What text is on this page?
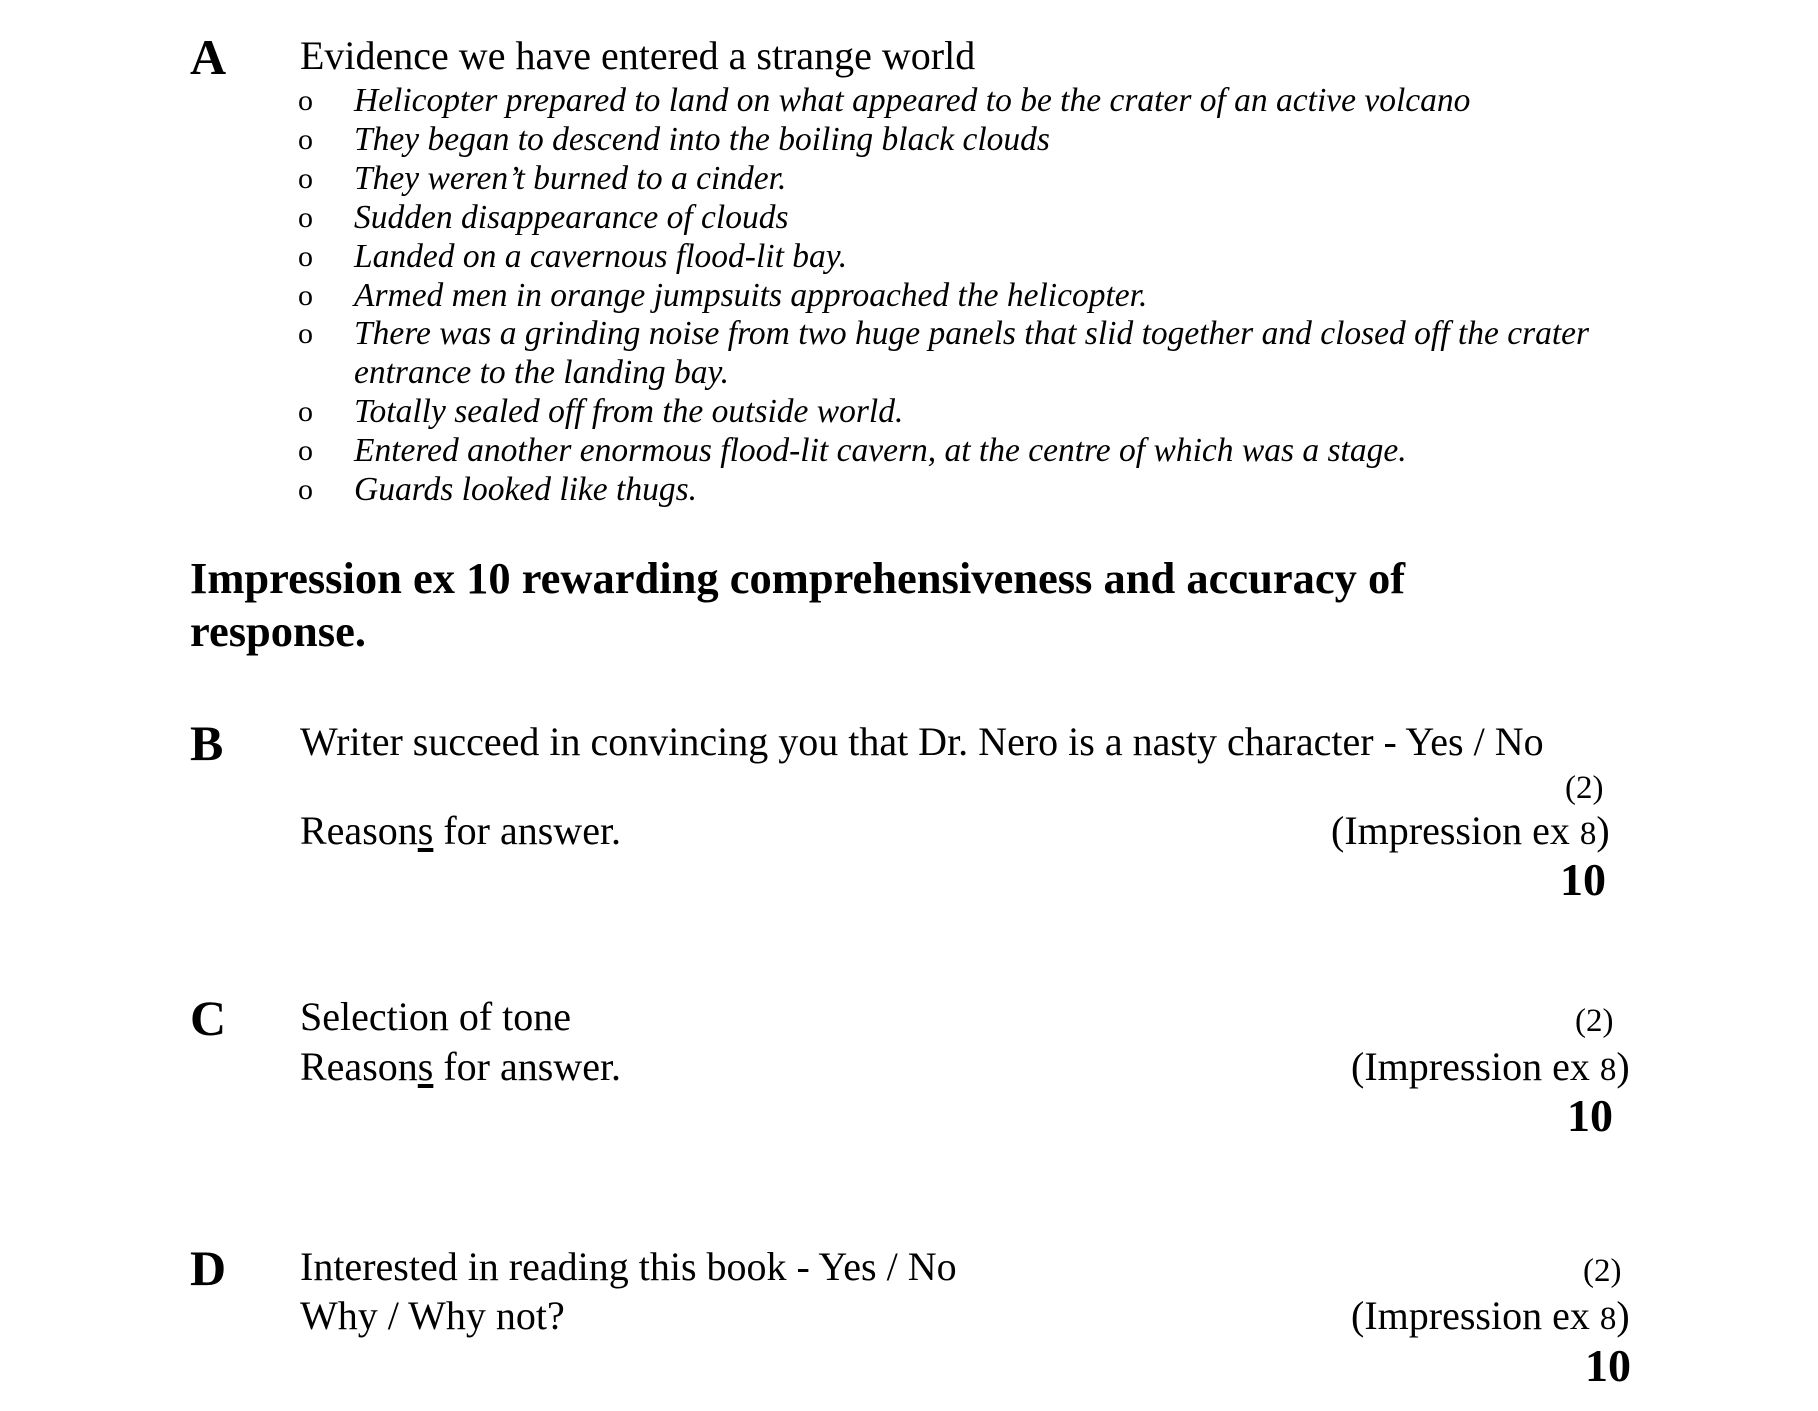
A Evidence we have entered a strange world
o	Helicopter prepared to land on what appeared to be the crater of an active volcano
o	They began to descend into the boiling black clouds
o	They weren’t burned to a cinder.
o	Sudden disappearance of clouds
o	Landed on a cavernous flood-lit bay.
o	Armed men in orange jumpsuits approached the helicopter.
o	There was a grinding noise from two huge panels that slid together and closed off the crater entrance to the landing bay.
o	Totally sealed off from the outside world.
o	Entered another enormous flood-lit cavern, at the centre of which was a stage.
o	Guards looked like thugs.
Impression ex 10 rewarding comprehensiveness and accuracy of response.
B Writer succeed in convincing you that Dr. Nero is a nasty character - Yes / No
(2)
Reasons for answer.	(Impression ex 8)
10
C Selection of tone	(2)
Reasons for answer.	(Impression ex 8)
10
D Interested in reading this book - Yes / No	(2)
Why / Why not?	(Impression ex 8)
10
